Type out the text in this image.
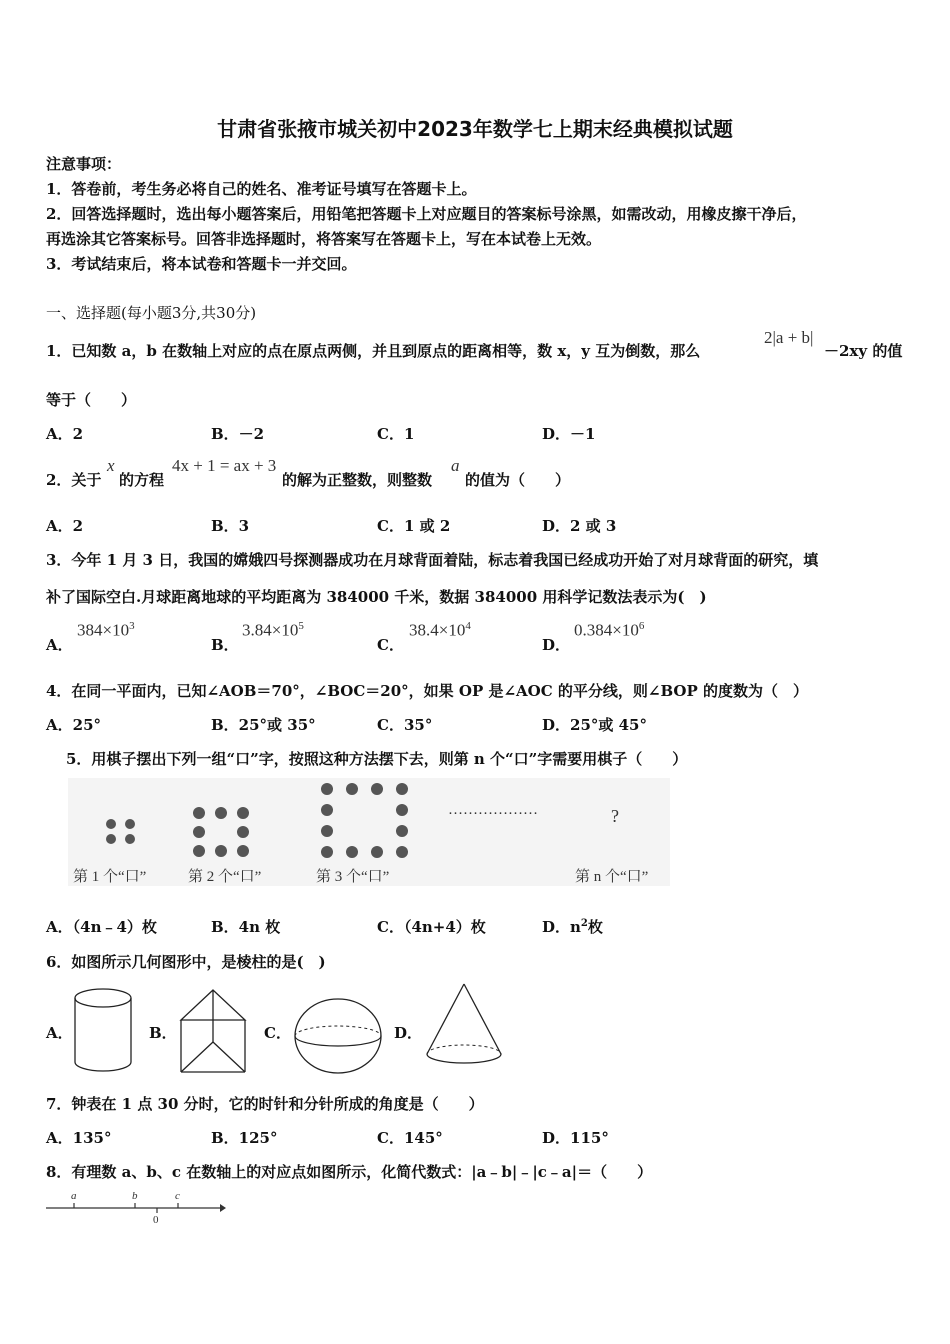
甘肃省张掖市城关初中2023年数学七上期末经典模拟试题
注意事项：
1．答卷前，考生务必将自己的姓名、准考证号填写在答题卡上。
2．回答选择题时，选出每小题答案后，用铅笔把答题卡上对应题目的答案标号涂黑，如需改动，用橡皮擦干净后，
再选涂其它答案标号。回答非选择题时，将答案写在答题卡上，写在本试卷上无效。
3．考试结束后，将本试卷和答题卡一并交回。
一、选择题(每小题3分,共30分)
1．已知数 a，b 在数轴上对应的点在原点两侧，并且到原点的距离相等，数 x，y 互为倒数，那么
2|a + b|
－2xy 的值
等于（　　）
A．2	B．－2	C．1	D．－1
2．关于
x
的方程
4x + 1 = ax + 3
的解为正整数，则整数
a
的值为（　　）
A．2	B．3	C．1 或 2	D．2 或 3
3．今年 1 月 3 日，我国的嫦娥四号探测器成功在月球背面着陆，标志着我国已经成功开始了对月球背面的研究，填
补了国际空白.月球距离地球的平均距离为 384000 千米，数据 384000 用科学记数法表示为(　)
A．
$384\times 10^3$
B．
$3.84\times 10^5$
C．
$38.4\times 10^4$
D．
$0.384\times 10^6$
4．在同一平面内，已知∠AOB＝70°，∠BOC＝20°，如果 OP 是∠AOC 的平分线，则∠BOP 的度数为（　）
A．25°	B．25°或 35°	C．35°	D．25°或 45°
5．用棋子摆出下列一组“口”字，按照这种方法摆下去，则第 n 个“口”字需要用棋子（　　）
………………	?
第 1 个“口”	第 2 个“口”	第 3 个“口”	第 n 个“口”
A．（4n﹣4）枚	B．4n 枚	C．（4n+4）枚	D．$n^2$枚
6．如图所示几何图形中，是棱柱的是(　)
A．	B．	C．	D．
7．钟表在 1 点 30 分时，它的时针和分针所成的角度是（　　）
A．135°	B．125°	C．145°	D．115°
8．有理数 a、b、c 在数轴上的对应点如图所示，化简代数式：|a﹣b|﹣|c﹣a|＝（　　）
a	b	c
0
